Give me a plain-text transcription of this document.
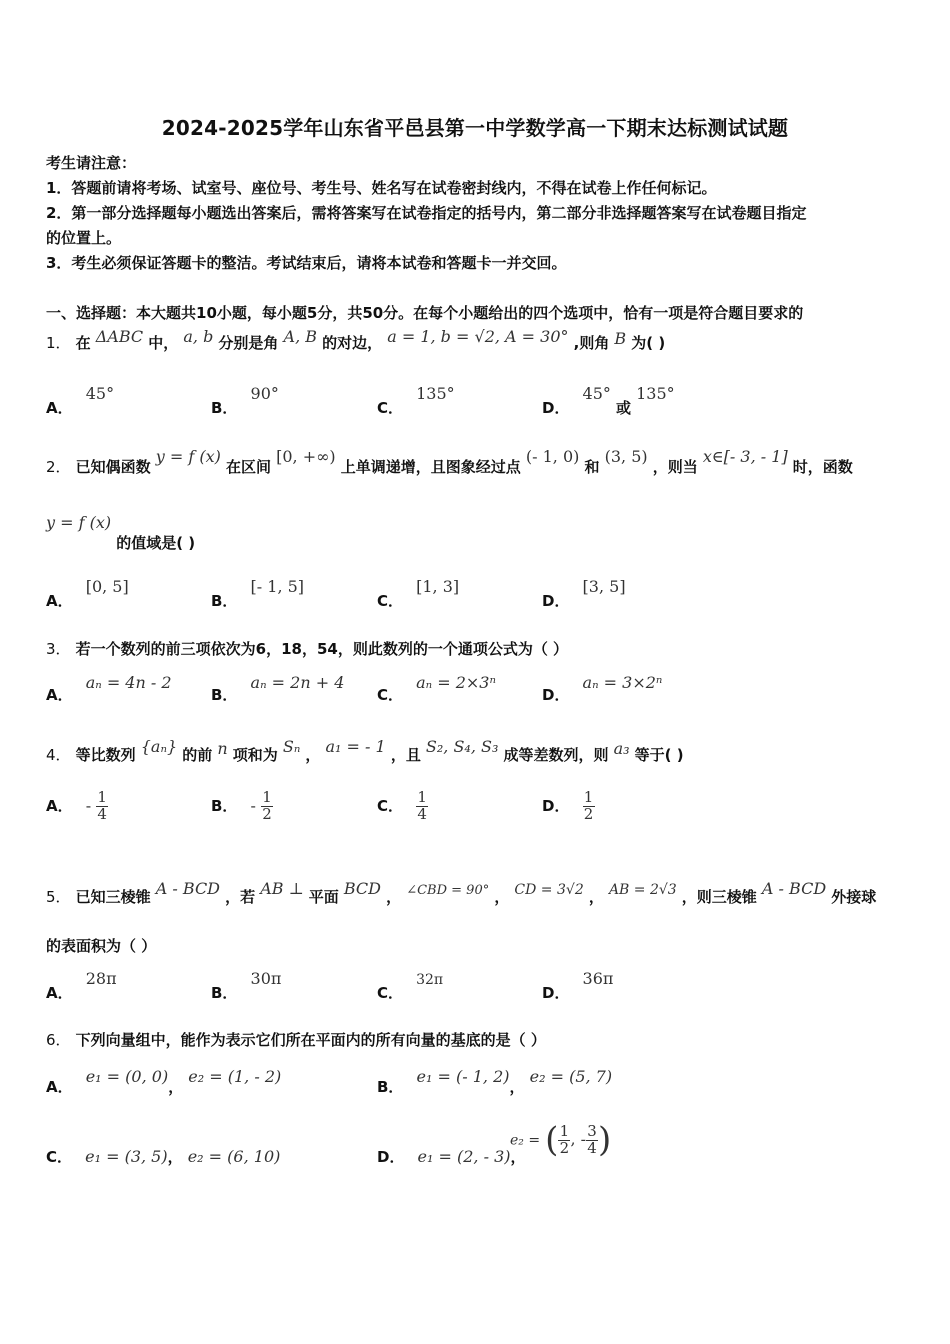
2024-2025学年山东省平邑县第一中学数学高一下期末达标测试试题
考生请注意：
1．答题前请将考场、试室号、座位号、考生号、姓名写在试卷密封线内，不得在试卷上作任何标记。
2．第一部分选择题每小题选出答案后，需将答案写在试卷指定的括号内，第二部分非选择题答案写在试卷题目指定
的位置上。
3．考生必须保证答题卡的整洁。考试结束后，请将本试卷和答题卡一并交回。
一、选择题：本大题共10小题，每小题5分，共50分。在每个小题给出的四个选项中，恰有一项是符合题目要求的
1． 在 ΔABC 中， a, b 分别是角 A, B 的对边， a = 1, b = √2, A = 30° ,则角 B 为( )
A． 45°
B． 90°
C． 135°
D． 45° 或 135°
2． 已知偶函数 y = f (x) 在区间 [0, +∞) 上单调递增，且图象经过点 (- 1, 0) 和 (3, 5) ，则当 x∈[- 3, - 1] 时，函数
y = f (x) 的值域是( )
A． [0, 5]
B． [- 1, 5]
C． [1, 3]
D． [3, 5]
3． 若一个数列的前三项依次为6，18，54，则此数列的一个通项公式为（ ）
A． aₙ = 4n - 2
B． aₙ = 2n + 4
C． aₙ = 2×3ⁿ
D． aₙ = 3×2ⁿ
4． 等比数列 {aₙ} 的前 n 项和为 Sₙ ， a₁ = - 1 ，且 S₂, S₄, S₃ 成等差数列，则 a₃ 等于( )
A． - $\frac{1}{4}$	B． - $\frac{1}{2}$	C． $\frac{1}{4}$	D． $\frac{1}{2}$
5． 已知三棱锥 A - BCD ，若 AB ⊥ 平面 BCD ， $^{\angle CBD = 90^\circ}$ ， CD = 3√2 ， AB = 2√3 ，则三棱锥 A - BCD 外接球
的表面积为（ ）
A． 28π
B． 30π
C． 32π
D． 36π
6． 下列向量组中，能作为表示它们所在平面内的所有向量的基底的是（ ）
A． e₁ = (0, 0)， e₂ = (1, - 2)
B． e₁ = (- 1, 2)， e₂ = (5, 7)
C． e₁ = (3, 5)， e₂ = (6, 10)	D． e₁ = (2, - 3)，
e₂ = ( $\frac{1}{2}$ , - $\frac{3}{4}$ )
